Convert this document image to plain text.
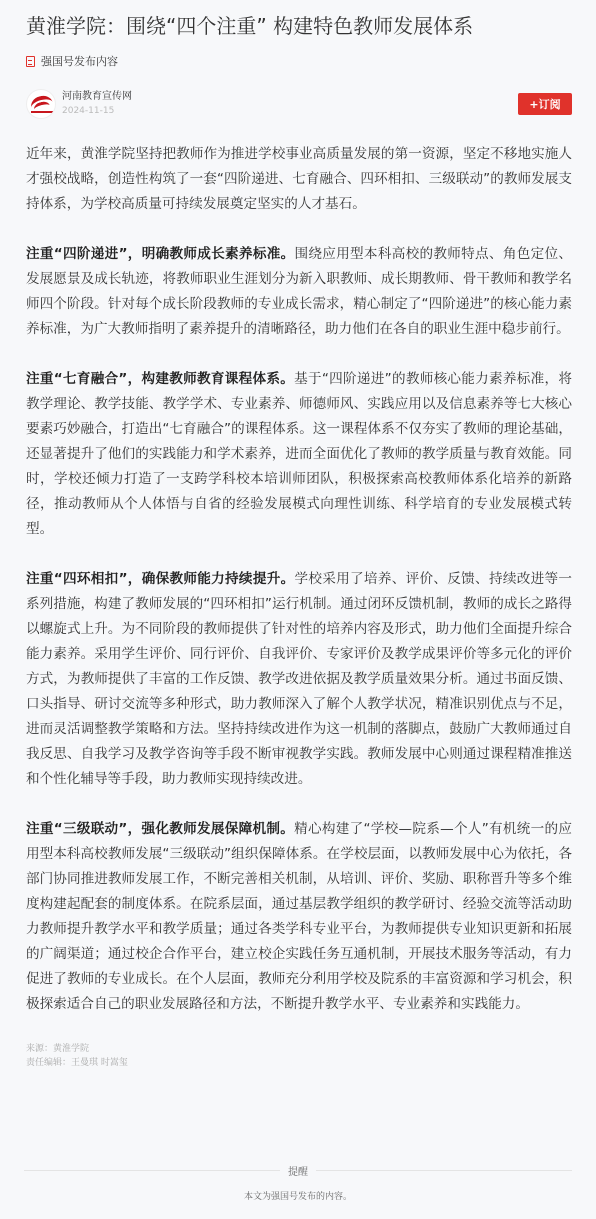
黄淮学院：围绕“四个注重” 构建特色教师发展体系
强国号发布内容
河南教育宣传网
2024-11-15	+订阅

近年来，黄淮学院坚持把教师作为推进学校事业高质量发展的第一资源，坚定不移地实施人才强校战略，创造性构筑了一套“四阶递进、七育融合、四环相扣、三级联动”的教师发展支持体系，为学校高质量可持续发展奠定坚实的人才基石。

注重“四阶递进”，明确教师成长素养标准。围绕应用型本科高校的教师特点、角色定位、发展愿景及成长轨迹，将教师职业生涯划分为新入职教师、成长期教师、骨干教师和教学名师四个阶段。针对每个成长阶段教师的专业成长需求，精心制定了“四阶递进”的核心能力素养标准，为广大教师指明了素养提升的清晰路径，助力他们在各自的职业生涯中稳步前行。

注重“七育融合”，构建教师教育课程体系。基于“四阶递进”的教师核心能力素养标准，将教学理论、教学技能、教学学术、专业素养、师德师风、实践应用以及信息素养等七大核心要素巧妙融合，打造出“七育融合”的课程体系。这一课程体系不仅夯实了教师的理论基础，还显著提升了他们的实践能力和学术素养，进而全面优化了教师的教学质量与教育效能。同时，学校还倾力打造了一支跨学科校本培训师团队，积极探索高校教师体系化培养的新路径，推动教师从个人体悟与自省的经验发展模式向理性训练、科学培育的专业发展模式转型。

注重“四环相扣”，确保教师能力持续提升。学校采用了培养、评价、反馈、持续改进等一系列措施，构建了教师发展的“四环相扣”运行机制。通过闭环反馈机制，教师的成长之路得以螺旋式上升。为不同阶段的教师提供了针对性的培养内容及形式，助力他们全面提升综合能力素养。采用学生评价、同行评价、自我评价、专家评价及教学成果评价等多元化的评价方式，为教师提供了丰富的工作反馈、教学改进依据及教学质量效果分析。通过书面反馈、口头指导、研讨交流等多种形式，助力教师深入了解个人教学状况，精准识别优点与不足，进而灵活调整教学策略和方法。坚持持续改进作为这一机制的落脚点，鼓励广大教师通过自我反思、自我学习及教学咨询等手段不断审视教学实践。教师发展中心则通过课程精准推送和个性化辅导等手段，助力教师实现持续改进。

注重“三级联动”，强化教师发展保障机制。精心构建了“学校—院系—个人”有机统一的应用型本科高校教师发展“三级联动”组织保障体系。在学校层面，以教师发展中心为依托，各部门协同推进教师发展工作，不断完善相关机制，从培训、评价、奖励、职称晋升等多个维度构建起配套的制度体系。在院系层面，通过基层教学组织的教学研讨、经验交流等活动助力教师提升教学水平和教学质量；通过各类学科专业平台，为教师提供专业知识更新和拓展的广阔渠道；通过校企合作平台，建立校企实践任务互通机制，开展技术服务等活动，有力促进了教师的专业成长。在个人层面，教师充分利用学校及院系的丰富资源和学习机会，积极探索适合自己的职业发展路径和方法，不断提升教学水平、专业素养和实践能力。

来源：黄淮学院
责任编辑：王曼琪 时嵩玺
提醒
本文为强国号发布的内容。
